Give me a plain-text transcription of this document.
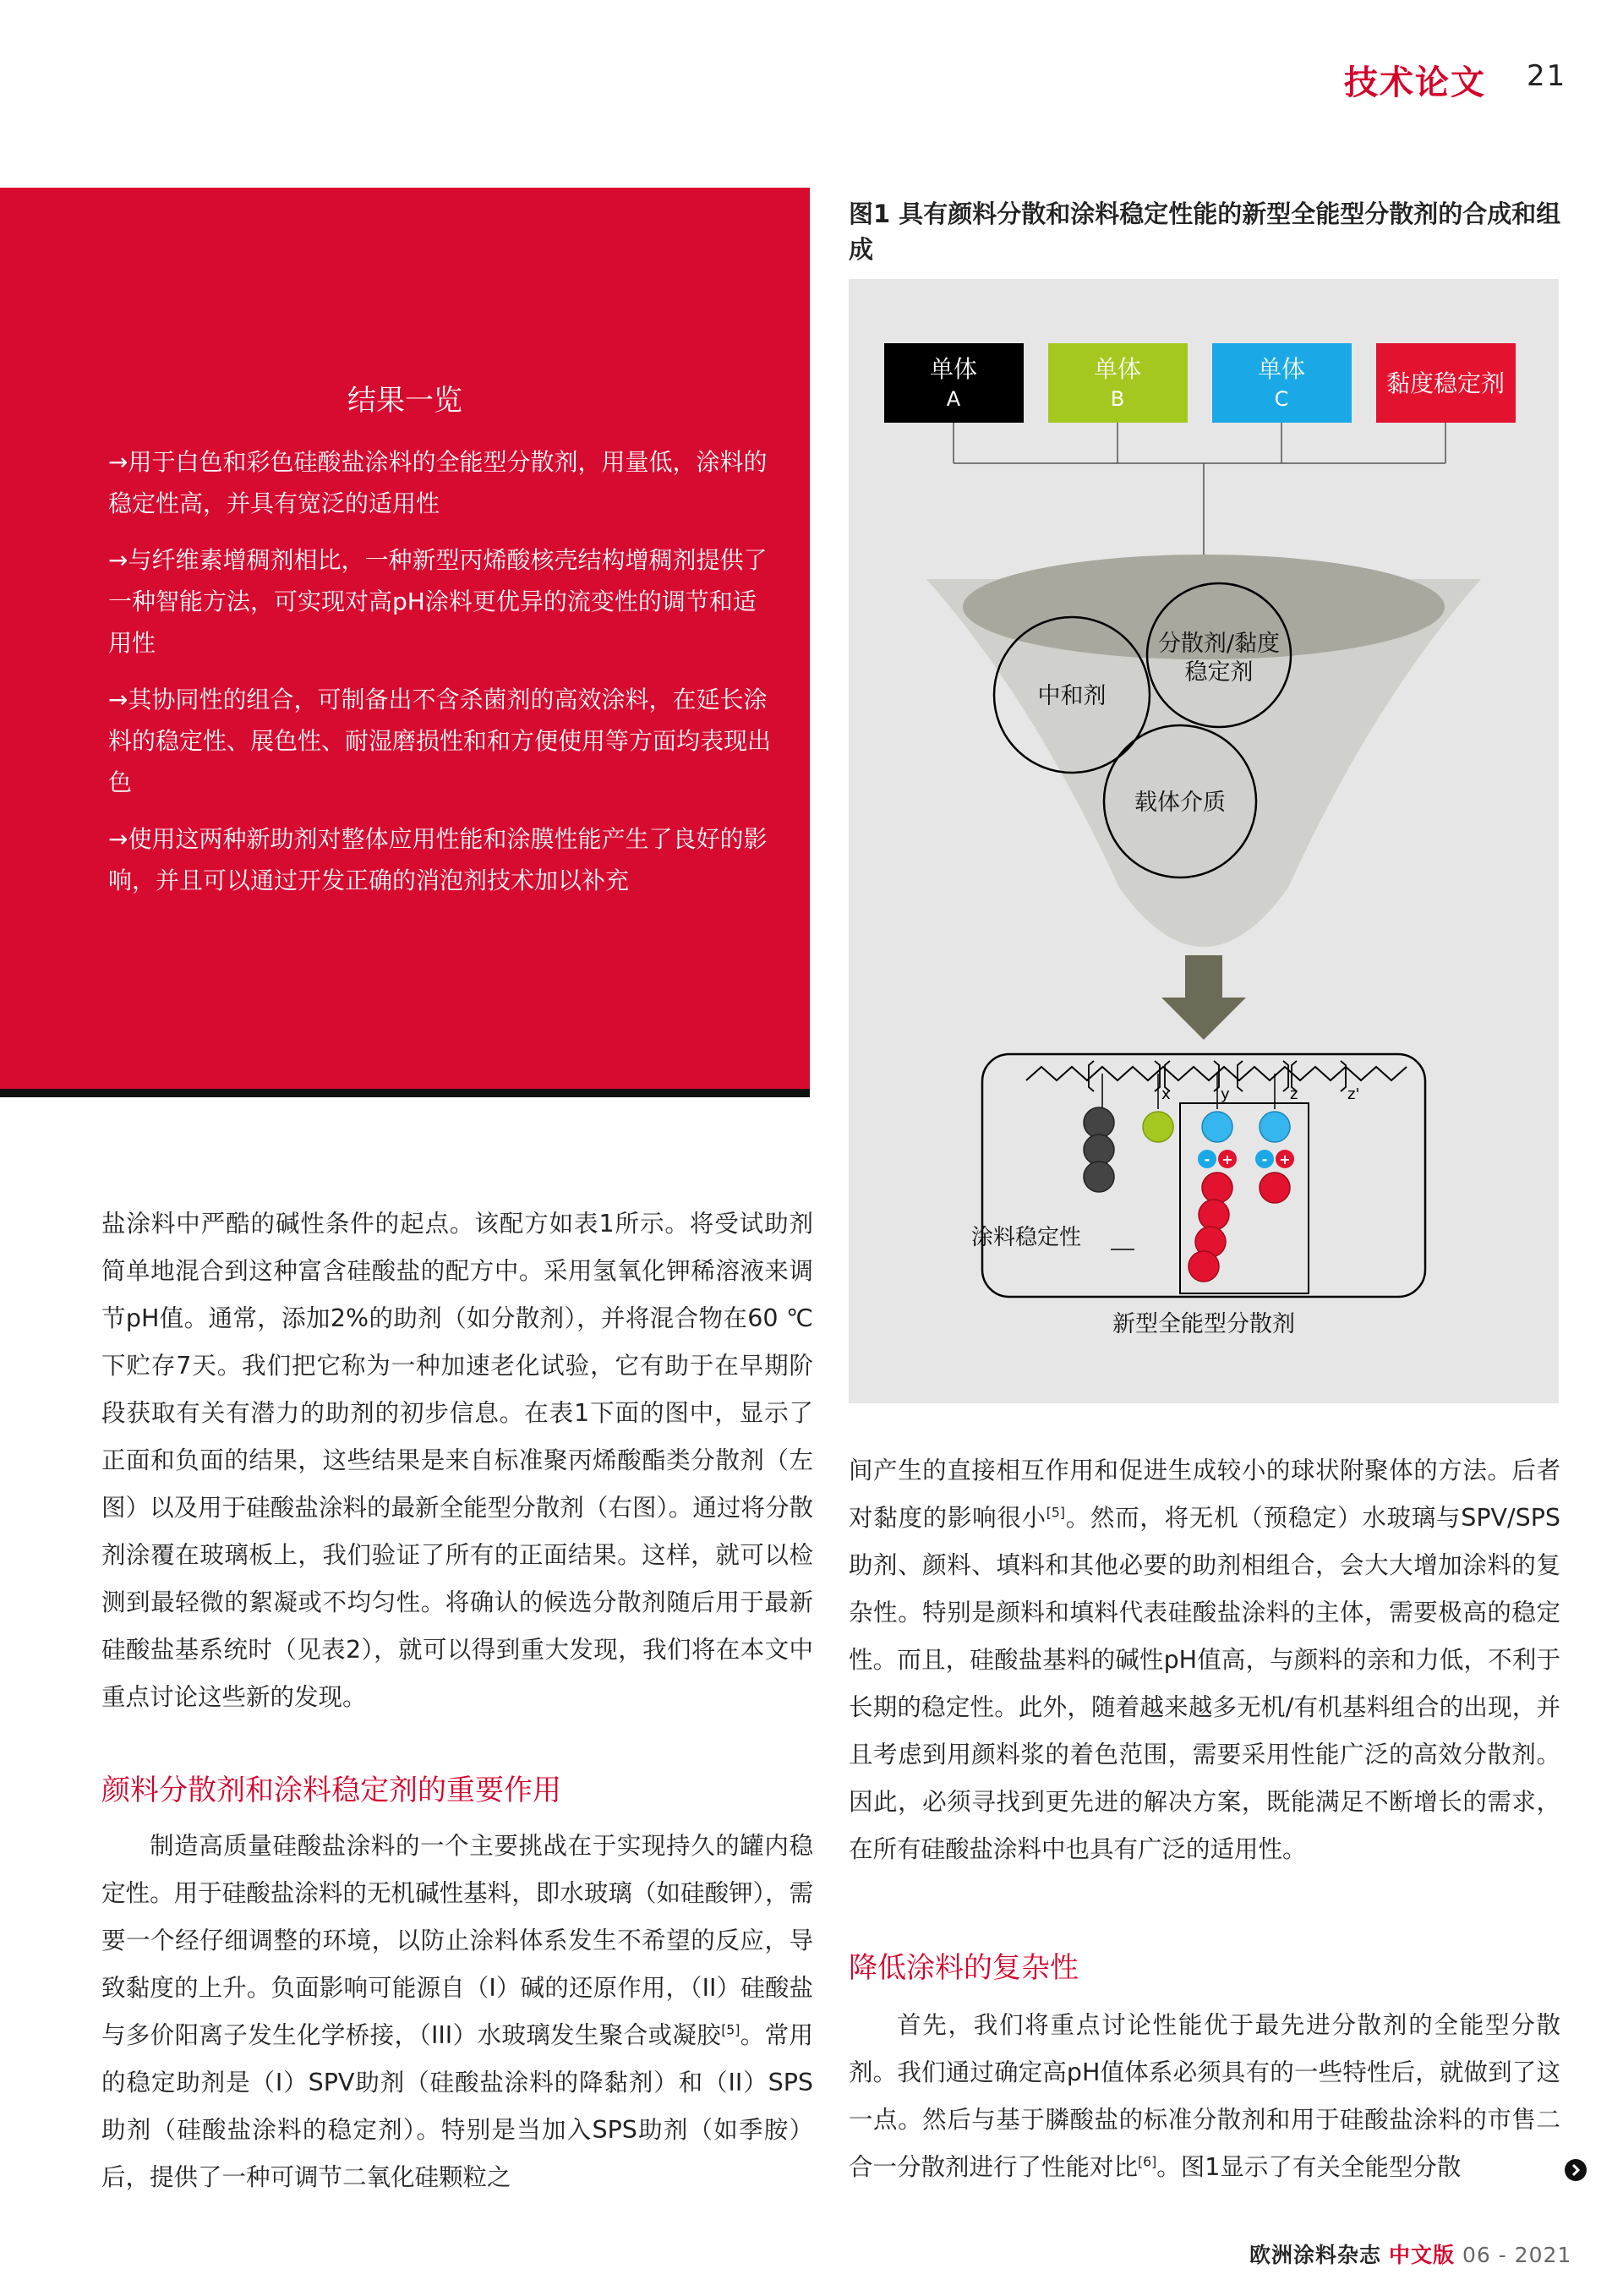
技术论文 21
结果一览
→用于白色和彩色硅酸盐涂料的全能型分散剂，用量低，涂料的稳定性高，并具有宽泛的适用性
→与纤维素增稠剂相比，一种新型丙烯酸核壳结构增稠剂提供了一种智能方法，可实现对高pH涂料更优异的流变性的调节和适用性
→其协同性的组合，可制备出不含杀菌剂的高效涂料，在延长涂料的稳定性、展色性、耐湿磨损性和和方便使用等方面均表现出色
→使用这两种新助剂对整体应用性能和涂膜性能产生了良好的影响，并且可以通过开发正确的消泡剂技术加以补充

盐涂料中严酷的碱性条件的起点。该配方如表1所示。将受试助剂简单地混合到这种富含硅酸盐的配方中。采用氢氧化钾稀溶液来调节pH值。通常，添加2%的助剂（如分散剂），并将混合物在60 ℃下贮存7天。我们把它称为一种加速老化试验，它有助于在早期阶段获取有关有潜力的助剂的初步信息。在表1下面的图中，显示了正面和负面的结果，这些结果是来自标准聚丙烯酸酯类分散剂（左图）以及用于硅酸盐涂料的最新全能型分散剂（右图）。通过将分散剂涂覆在玻璃板上，我们验证了所有的正面结果。这样，就可以检测到最轻微的絮凝或不均匀性。将确认的候选分散剂随后用于最新硅酸盐基系统时（见表2），就可以得到重大发现，我们将在本文中重点讨论这些新的发现。

颜料分散剂和涂料稳定剂的重要作用

制造高质量硅酸盐涂料的一个主要挑战在于实现持久的罐内稳定性。用于硅酸盐涂料的无机碱性基料，即水玻璃（如硅酸钾），需要一个经仔细调整的环境，以防止涂料体系发生不希望的反应，导致黏度的上升。负面影响可能源自（I）碱的还原作用，（II）硅酸盐与多价阳离子发生化学桥接，（III）水玻璃发生聚合或凝胶[5]。常用的稳定助剂是（I）SPV助剂（硅酸盐涂料的降黏剂）和（II）SPS助剂（硅酸盐涂料的稳定剂）。特别是当加入SPS助剂（如季胺）后，提供了一种可调节二氧化硅颗粒之

图1 具有颜料分散和涂料稳定性能的新型全能型分散剂的合成和组成
单体
A
单体
B
单体
C
黏度稳定剂
中和剂
分散剂/黏度
稳定剂
载体介质
x	y	z	z'
- + - +
涂料稳定性
新型全能型分散剂

间产生的直接相互作用和促进生成较小的球状附聚体的方法。后者对黏度的影响很小[5]。然而，将无机（预稳定）水玻璃与SPV/SPS助剂、颜料、填料和其他必要的助剂相组合，会大大增加涂料的复杂性。特别是颜料和填料代表硅酸盐涂料的主体，需要极高的稳定性。而且，硅酸盐基料的碱性pH值高，与颜料的亲和力低，不利于长期的稳定性。此外，随着越来越多无机/有机基料组合的出现，并且考虑到用颜料浆的着色范围，需要采用性能广泛的高效分散剂。因此，必须寻找到更先进的解决方案，既能满足不断增长的需求，在所有硅酸盐涂料中也具有广泛的适用性。

降低涂料的复杂性

首先，我们将重点讨论性能优于最先进分散剂的全能型分散剂。我们通过确定高pH值体系必须具有的一些特性后，就做到了这一点。然后与基于膦酸盐的标准分散剂和用于硅酸盐涂料的市售二合一分散剂进行了性能对比[6]。图1显示了有关全能型分散

欧洲涂料杂志 中文版 06 - 2021
